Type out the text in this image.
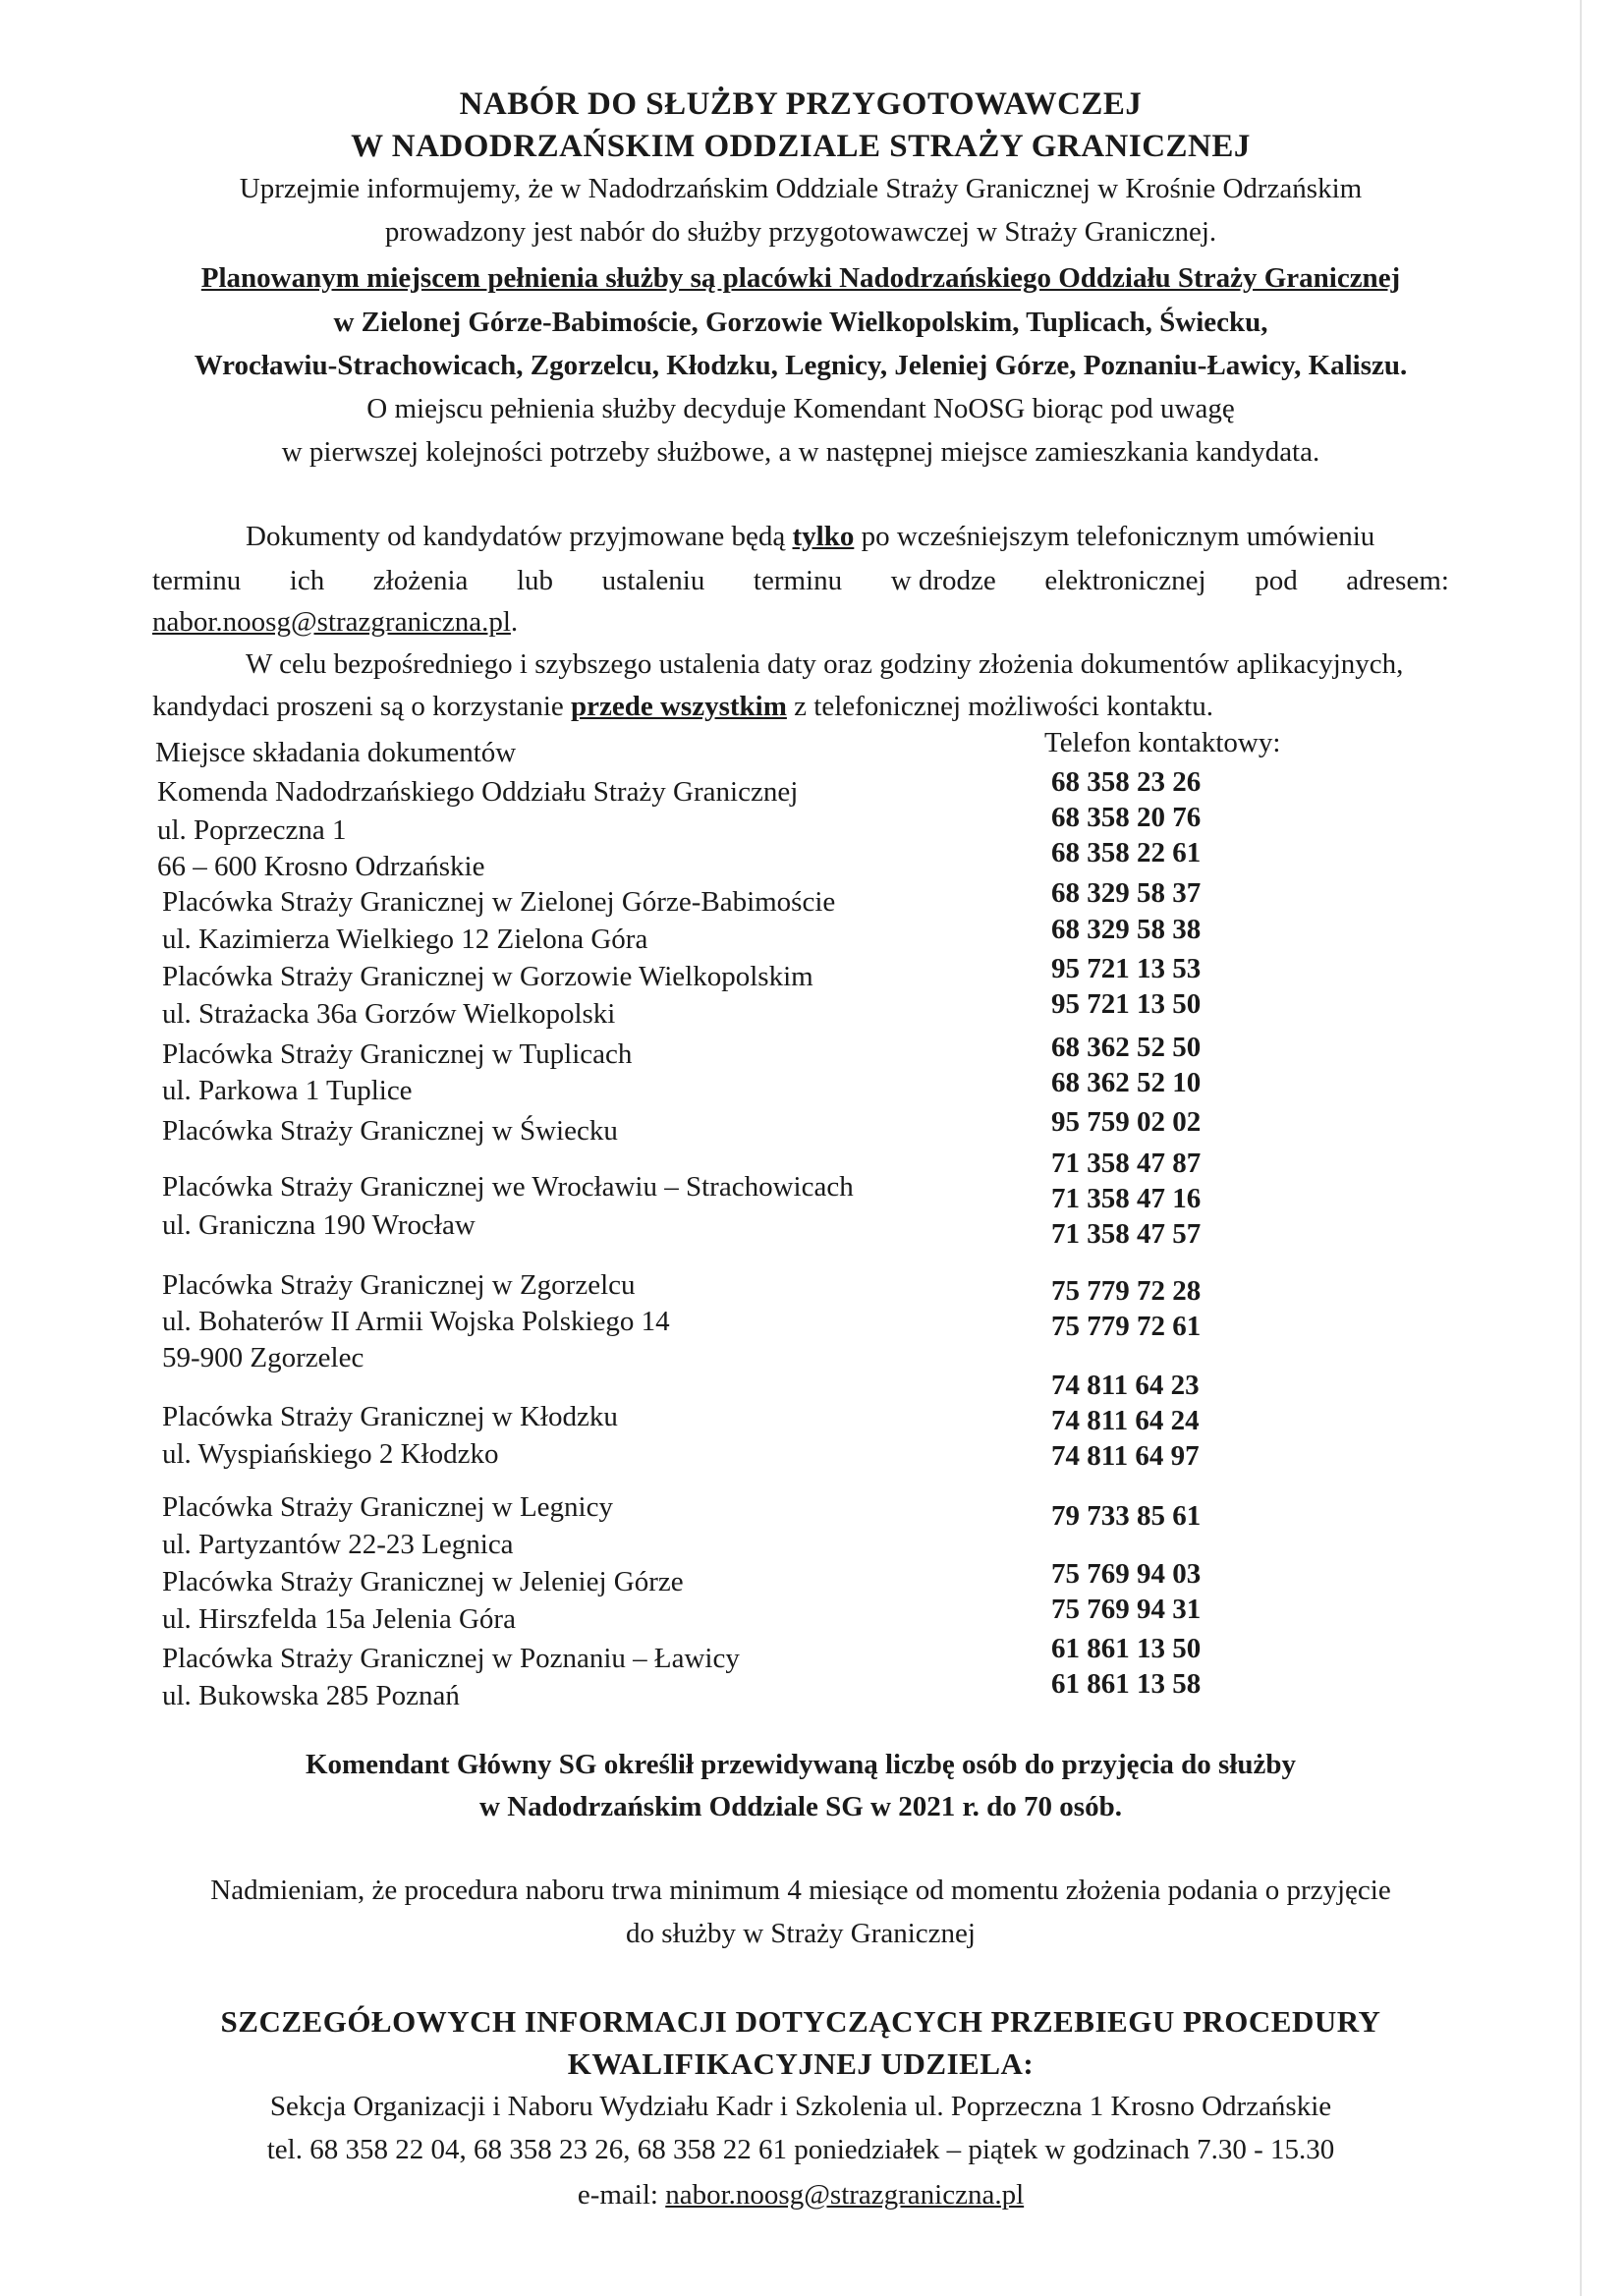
NABÓR DO SŁUŻBY PRZYGOTOWAWCZEJ
W NADODRZAŃSKIM ODDZIALE STRAŻY GRANICZNEJ
Uprzejmie informujemy, że w Nadodrzańskim Oddziale Straży Granicznej w Krośnie Odrzańskim
prowadzony jest nabór do służby przygotowawczej w Straży Granicznej.
Planowanym miejscem pełnienia służby są placówki Nadodrzańskiego Oddziału Straży Granicznej
w Zielonej Górze-Babimoście, Gorzowie Wielkopolskim, Tuplicach, Świecku,
Wrocławiu-Strachowicach, Zgorzelcu, Kłodzku, Legnicy, Jeleniej Górze, Poznaniu-Ławicy, Kaliszu.
O miejscu pełnienia służby decyduje Komendant NoOSG biorąc pod uwagę
w pierwszej kolejności potrzeby służbowe, a w następnej miejsce zamieszkania kandydata.
Dokumenty od kandydatów przyjmowane będą tylko po wcześniejszym telefonicznym umówieniu
terminu ich złożenia lub ustaleniu terminu w drodze elektronicznej pod adresem:
nabor.noosg@strazgraniczna.pl.
W celu bezpośredniego i szybszego ustalenia daty oraz godziny złożenia dokumentów aplikacyjnych,
kandydaci proszeni są o korzystanie przede wszystkim z telefonicznej możliwości kontaktu.
Miejsce składania dokumentów	Telefon kontaktowy:
Komenda Nadodrzańskiego Oddziału Straży Granicznej
ul. Poprzeczna 1
66 – 600 Krosno Odrzańskie
68 358 23 26
68 358 20 76
68 358 22 61
Placówka Straży Granicznej w Zielonej Górze-Babimoście
ul. Kazimierza Wielkiego 12 Zielona Góra
68 329 58 37
68 329 58 38
Placówka Straży Granicznej w Gorzowie Wielkopolskim
ul. Strażacka 36a Gorzów Wielkopolski
95 721 13 53
95 721 13 50
Placówka Straży Granicznej w Tuplicach
ul. Parkowa 1 Tuplice
68 362 52 50
68 362 52 10
Placówka Straży Granicznej w Świecku	95 759 02 02
Placówka Straży Granicznej we Wrocławiu – Strachowicach
ul. Graniczna 190 Wrocław
71 358 47 87
71 358 47 16
71 358 47 57
Placówka Straży Granicznej w Zgorzelcu
ul. Bohaterów II Armii Wojska Polskiego 14
59-900 Zgorzelec
75 779 72 28
75 779 72 61
Placówka Straży Granicznej w Kłodzku
ul. Wyspiańskiego 2 Kłodzko
74 811 64 23
74 811 64 24
74 811 64 97
Placówka Straży Granicznej w Legnicy
ul. Partyzantów 22-23 Legnica
79 733 85 61
Placówka Straży Granicznej w Jeleniej Górze
ul. Hirszfelda 15a Jelenia Góra
75 769 94 03
75 769 94 31
Placówka Straży Granicznej w Poznaniu – Ławicy
ul. Bukowska 285 Poznań
61 861 13 50
61 861 13 58
Komendant Główny SG określił przewidywaną liczbę osób do przyjęcia do służby
w Nadodrzańskim Oddziale SG w 2021 r. do 70 osób.
Nadmieniam, że procedura naboru trwa minimum 4 miesiące od momentu złożenia podania o przyjęcie
do służby w Straży Granicznej
SZCZEGÓŁOWYCH INFORMACJI DOTYCZĄCYCH PRZEBIEGU PROCEDURY
KWALIFIKACYJNEJ UDZIELA:
Sekcja Organizacji i Naboru Wydziału Kadr i Szkolenia ul. Poprzeczna 1 Krosno Odrzańskie
tel. 68 358 22 04, 68 358 23 26, 68 358 22 61 poniedziałek – piątek w godzinach 7.30 - 15.30
e-mail: nabor.noosg@strazgraniczna.pl
